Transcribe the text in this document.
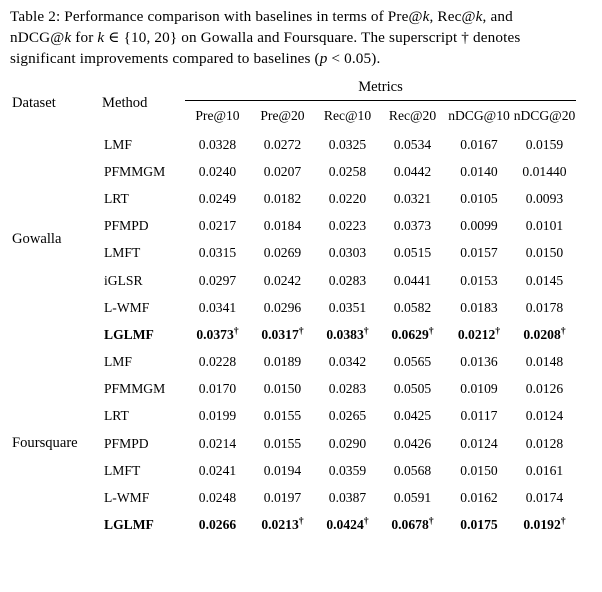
Table 2: Performance comparison with baselines in terms of Pre@k, Rec@k, and nDCG@k for k ∈ {10, 20} on Gowalla and Foursquare. The superscript † denotes significant improvements compared to baselines (p < 0.05).

Dataset	Method	Metrics					

		Pre@10	Pre@20	Rec@10	Rec@20	nDCG@10	nDCG@20

Gowalla	LMF	0.0328	0.0272	0.0325	0.0534	0.0167	0.0159
	PFMMGM	0.0240	0.0207	0.0258	0.0442	0.0140	0.01440
	LRT	0.0249	0.0182	0.0220	0.0321	0.0105	0.0093
	PFMPD	0.0217	0.0184	0.0223	0.0373	0.0099	0.0101
	LMFT	0.0315	0.0269	0.0303	0.0515	0.0157	0.0150
	iGLSR	0.0297	0.0242	0.0283	0.0441	0.0153	0.0145
	L-WMF	0.0341	0.0296	0.0351	0.0582	0.0183	0.0178
	LGLMF	0.0373†	0.0317†	0.0383†	0.0629†	0.0212†	0.0208†

Foursquare	LMF	0.0228	0.0189	0.0342	0.0565	0.0136	0.0148
	PFMMGM	0.0170	0.0150	0.0283	0.0505	0.0109	0.0126
	LRT	0.0199	0.0155	0.0265	0.0425	0.0117	0.0124
	PFMPD	0.0214	0.0155	0.0290	0.0426	0.0124	0.0128
	LMFT	0.0241	0.0194	0.0359	0.0568	0.0150	0.0161
	L-WMF	0.0248	0.0197	0.0387	0.0591	0.0162	0.0174
	LGLMF	0.0266	0.0213†	0.0424†	0.0678†	0.0175	0.0192†
